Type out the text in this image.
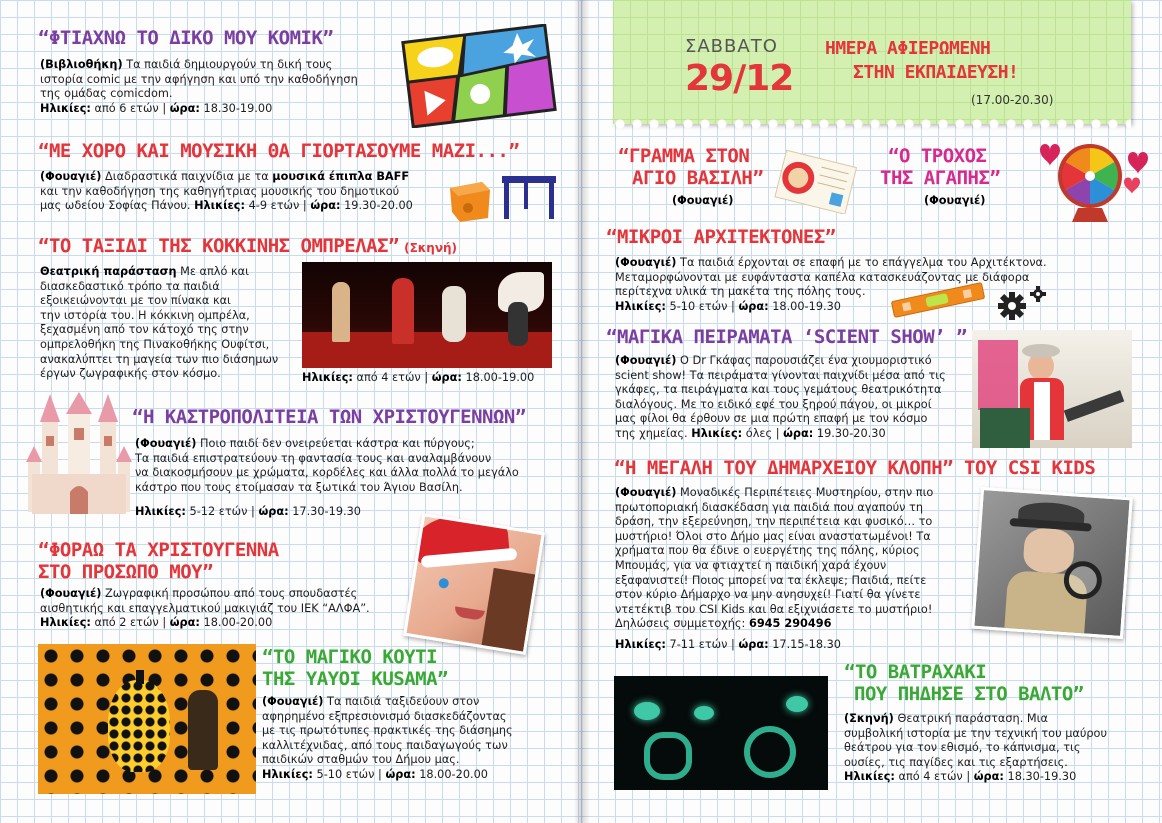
“ΦΤΙΑΧΝΩ ΤΟ ΔΙΚΟ ΜΟΥ ΚΟΜΙΚ”
(Βιβλιοθήκη) Τα παιδιά δημιουργούν τη δική τους
ιστορία comic με την αφήγηση και υπό την καθοδήγηση
της ομάδας comicdom.
Ηλικίες: από 6 ετών | ώρα: 18.30-19.00
“ΜΕ ΧΟΡΟ ΚΑΙ ΜΟΥΣΙΚΗ ΘΑ ΓΙΟΡΤΑΣΟΥΜΕ ΜΑΖΙ...”
(Φουαγιέ) Διαδραστικά παιχνίδια με τα μουσικά έπιπλα BAFF
και την καθοδήγηση της καθηγήτριας μουσικής του δημοτικού
μας ωδείου Σοφίας Πάνου. Ηλικίες: 4-9 ετών | ώρα: 19.30-20.00
“ΤΟ ΤΑΞΙΔΙ ΤΗΣ ΚΟΚΚΙΝΗΣ ΟΜΠΡΕΛΑΣ” (Σκηνή)
Θεατρική παράσταση Με απλό και
διασκεδαστικό τρόπο τα παιδιά
εξοικειώνονται με τον πίνακα και
την ιστορία του. Η κόκκινη ομπρέλα,
ξεχασμένη από τον κάτοχό της στην
ομπρελοθήκη της Πινακοθήκης Ουφίτσι,
ανακαλύπτει τη μαγεία των πιο διάσημων
έργων ζωγραφικής στον κόσμο.	Ηλικίες: από 4 ετών | ώρα: 18.00-19.00
“Η ΚΑΣΤΡΟΠΟΛΙΤΕΙΑ ΤΩΝ ΧΡΙΣΤΟΥΓΕΝΝΩΝ”
(Φουαγιέ) Ποιο παιδί δεν ονειρεύεται κάστρα και πύργους;
Τα παιδιά επιστρατεύουν τη φαντασία τους και αναλαμβάνουν
να διακοσμήσουν με χρώματα, κορδέλες και άλλα πολλά το μεγάλο
κάστρο που τους ετοίμασαν τα ξωτικά του Άγιου Βασίλη.
Ηλικίες: 5-12 ετών | ώρα: 17.30-19.30
“ΦΟΡΑΩ ΤΑ ΧΡΙΣΤΟΥΓΕΝΝΑ
ΣΤΟ ΠΡΟΣΩΠΟ ΜΟΥ”
(Φουαγιέ) Ζωγραφική προσώπου από τους σπουδαστές
αισθητικής και επαγγελματικού μακιγιάζ του ΙΕΚ “ΑΛΦΑ”.
Ηλικίες: από 2 ετών | ώρα: 18.00-20.00
“ΤΟ ΜΑΓΙΚΟ ΚΟΥΤΙ
ΤΗΣ YAYOI KUSAMA”
(Φουαγιέ) Τα παιδιά ταξιδεύουν στον
αφηρημένο εξπρεσιονισμό διασκεδάζοντας
με τις πρωτότυπες πρακτικές της διάσημης
καλλιτέχνιδας, από τους παιδαγωγούς των
παιδικών σταθμών του Δήμου μας.
Ηλικίες: 5-10 ετών | ώρα: 18.00-20.00
ΣΑΒΒΑΤΟ
29/12
ΗΜΕΡΑ ΑΦΙΕΡΩΜΕΝΗ
ΣΤΗΝ ΕΚΠΑΙΔΕΥΣΗ!
(17.00-20.30)
“ΓΡΑΜΜΑ ΣΤΟΝ
ΑΓΙΟ ΒΑΣΙΛΗ”
(Φουαγιέ)
“Ο ΤΡΟΧΟΣ
ΤΗΣ ΑΓΑΠΗΣ”
(Φουαγιέ)
“ΜΙΚΡΟΙ ΑΡΧΙΤΕΚΤΟΝΕΣ”
(Φουαγιέ) Τα παιδιά έρχονται σε επαφή με το επάγγελμα του Αρχιτέκτονα.
Μεταμορφώνονται με ευφάνταστα καπέλα κατασκευάζοντας με διάφορα
περίτεχνα υλικά τη μακέτα της πόλης τους.
Ηλικίες: 5-10 ετών | ώρα: 18.00-19.30
“ΜΑΓΙΚΑ ΠΕΙΡΑΜΑΤΑ ‘SCIENT SHOW’ ”
(Φουαγιέ) Ο Dr Γκάφας παρουσιάζει ένα χιουμοριστικό
scient show! Τα πειράματα γίνονται παιχνίδι μέσα από τις
γκάφες, τα πειράγματα και τους γεμάτους θεατρικότητα
διαλόγους. Με το ειδικό εφέ του ξηρού πάγου, οι μικροί
μας φίλοι θα έρθουν σε μια πρώτη επαφή με τον κόσμο
της χημείας. Ηλικίες: όλες | ώρα: 19.30-20.30
“Η ΜΕΓΑΛΗ ΤΟΥ ΔΗΜΑΡΧΕΙΟΥ ΚΛΟΠΗ” ΤΟΥ CSI KIDS
(Φουαγιέ) Μοναδικές Περιπέτειες Μυστηρίου, στην πιο
πρωτοποριακή διασκέδαση για παιδιά που αγαπούν τη
δράση, την εξερεύνηση, την περιπέτεια και φυσικό… το
μυστήριο! Όλοι στο Δήμο μας είναι αναστατωμένοι! Τα
χρήματα που θα έδινε ο ευεργέτης της πόλης, κύριος
Μπουμάς, για να φτιαχτεί η παιδική χαρά έχουν
εξαφανιστεί! Ποιος μπορεί να τα έκλεψε; Παιδιά, πείτε
στον κύριο Δήμαρχο να μην ανησυχεί! Γιατί θα γίνετε
ντετέκτιβ του CSI Kids και θα εξιχνιάσετε το μυστήριο!
Δηλώσεις συμμετοχής: 6945 290496
Ηλικίες: 7-11 ετών | ώρα: 17.15-18.30
“ΤΟ ΒΑΤΡΑΧΑΚΙ
ΠΟΥ ΠΗΔΗΣΕ ΣΤΟ ΒΑΛΤΟ”
(Σκηνή) Θεατρική παράσταση. Μια
συμβολική ιστορία με την τεχνική του μαύρου
θεάτρου για τον εθισμό, το κάπνισμα, τις
ουσίες, τις παγίδες και τις εξαρτήσεις.
Ηλικίες: από 4 ετών | ώρα: 18.30-19.30
